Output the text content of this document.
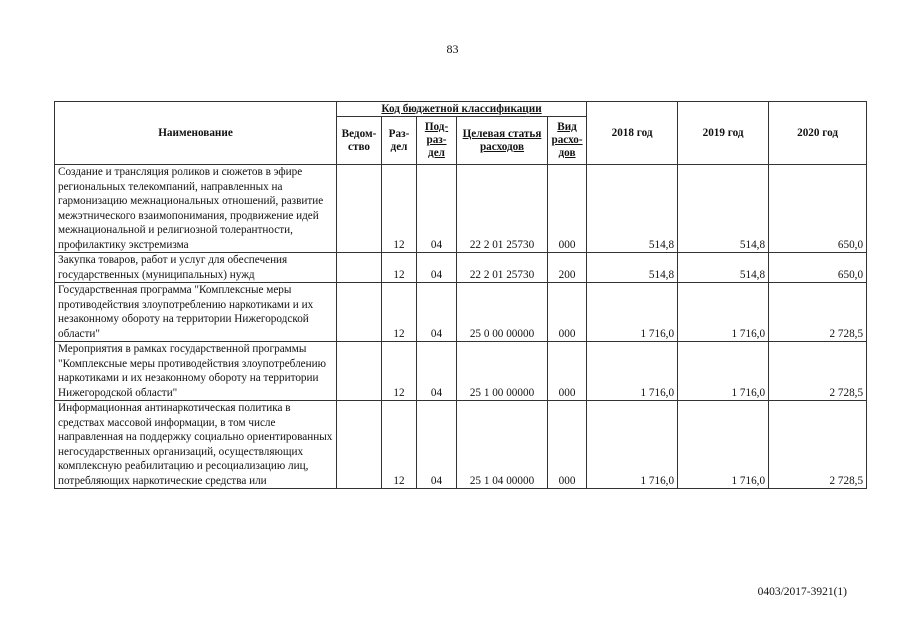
83
Наименование	Код бюджетной классификации					2018 год	2019 год	2020 год
	Ведом-ство	Раз-дел	Под-раз-дел	Целевая статья расходов	Вид расхо-дов			
Создание и трансляция роликов и сюжетов в эфире региональных телекомпаний, направленных на гармонизацию межнациональных отношений, развитие межэтнического взаимопонимания, продвижение идей межнациональной и религиозной толерантности, профилактику экстремизма		12	04	22 2 01 25730	000	514,8	514,8	650,0
Закупка товаров, работ и услуг для обеспечения государственных (муниципальных) нужд		12	04	22 2 01 25730	200	514,8	514,8	650,0
Государственная программа "Комплексные меры противодействия злоупотреблению наркотиками и их незаконному обороту на территории Нижегородской области"		12	04	25 0 00 00000	000	1 716,0	1 716,0	2 728,5
Мероприятия в рамках государственной программы "Комплексные меры противодействия злоупотреблению наркотиками и их незаконному обороту на территории Нижегородской области"		12	04	25 1 00 00000	000	1 716,0	1 716,0	2 728,5
Информационная антинаркотическая политика в средствах массовой информации, в том числе направленная на поддержку социально ориентированных негосударственных организаций, осуществляющих комплексную реабилитацию и ресоциализацию лиц, потребляющих наркотические средства или		12	04	25 1 04 00000	000	1 716,0	1 716,0	2 728,5
0403/2017-3921(1)
